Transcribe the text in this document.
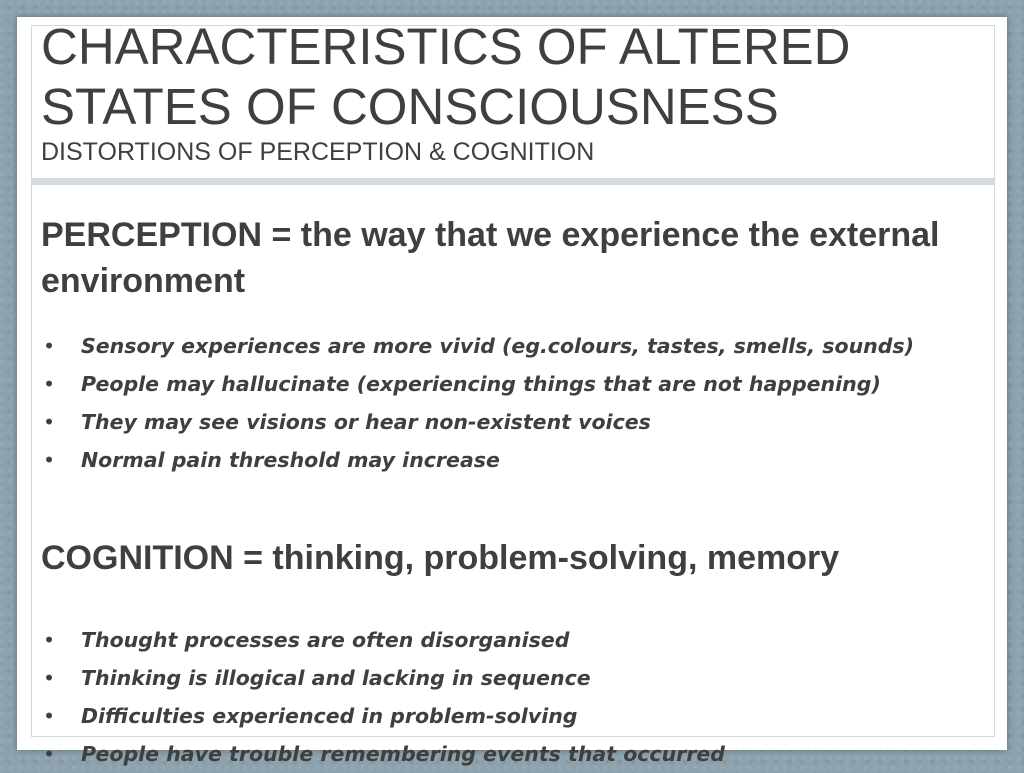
CHARACTERISTICS OF ALTERED STATES OF CONSCIOUSNESS

DISTORTIONS OF PERCEPTION & COGNITION

PERCEPTION = the way that we experience the external environment
• Sensory experiences are more vivid (eg.colours, tastes, smells, sounds)
• People may hallucinate (experiencing things that are not happening)
• They may see visions or hear non-existent voices
• Normal pain threshold may increase
COGNITION = thinking, problem-solving, memory
• Thought processes are often disorganised
• Thinking is illogical and lacking in sequence
• Difficulties experienced in problem-solving
• People have trouble remembering events that occurred
